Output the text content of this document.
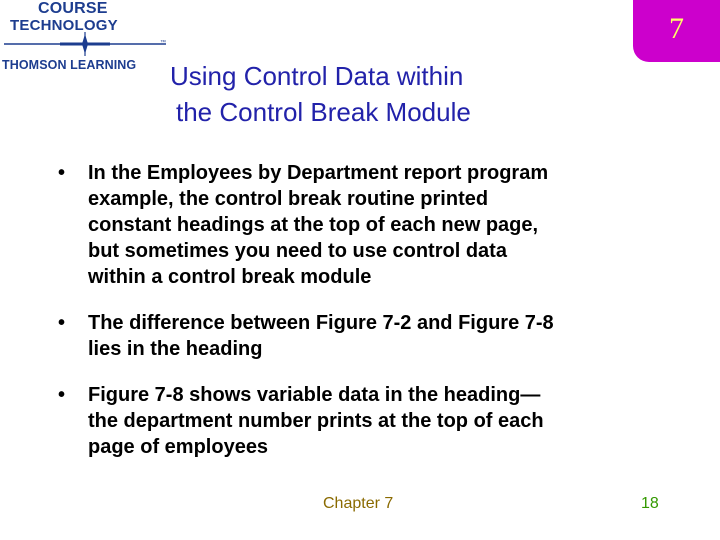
COURSE
TECHNOLOGY
™
THOMSON LEARNING
7
Using Control Data within
the Control Break Module
• In the Employees by Department report program
example, the control break routine printed
constant headings at the top of each new page,
but sometimes you need to use control data
within a control break module
• The difference between Figure 7-2 and Figure 7-8
lies in the heading
• Figure 7-8 shows variable data in the heading—
the department number prints at the top of each
page of employees
Chapter 7	18
